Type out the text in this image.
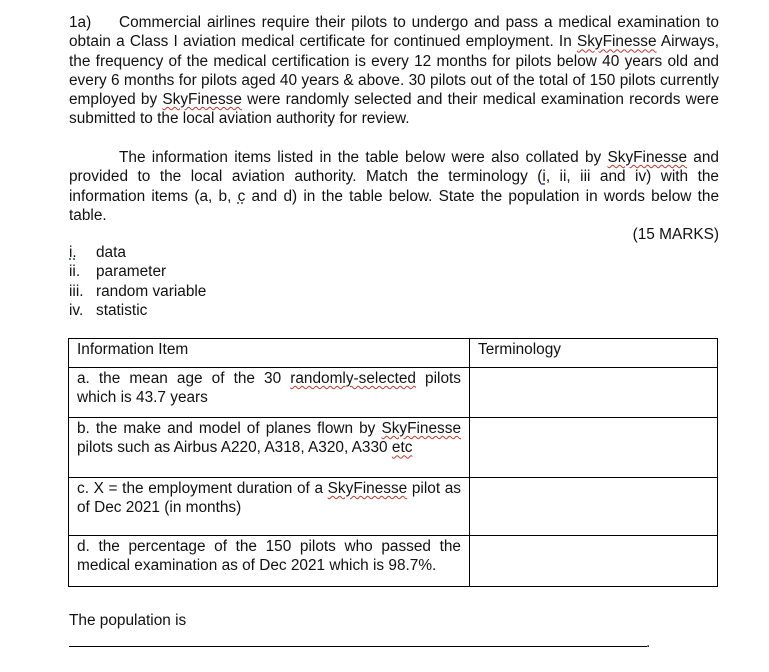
1a) Commercial airlines require their pilots to undergo and pass a medical examination to obtain a Class I aviation medical certificate for continued employment. In SkyFinesse Airways, the frequency of the medical certification is every 12 months for pilots below 40 years old and every 6 months for pilots aged 40 years & above. 30 pilots out of the total of 150 pilots currently employed by SkyFinesse were randomly selected and their medical examination records were submitted to the local aviation authority for review.

The information items listed in the table below were also collated by SkyFinesse and provided to the local aviation authority. Match the terminology (i, ii, iii and iv) with the information items (a, b, c and d) in the table below. State the population in words below the table.

(15 MARKS)
i.	data
ii.	parameter
iii. random variable
iv. statistic
Information Item	Terminology
a. the mean age of the 30 randomly-selected pilots which is 43.7 years	
b. the make and model of planes flown by SkyFinesse pilots such as Airbus A220, A318, A320, A330 etc	
c. X = the employment duration of a SkyFinesse pilot as of Dec 2021 (in months)	
d. the percentage of the 150 pilots who passed the medical examination as of Dec 2021 which is 98.7%.	
The population is
.
